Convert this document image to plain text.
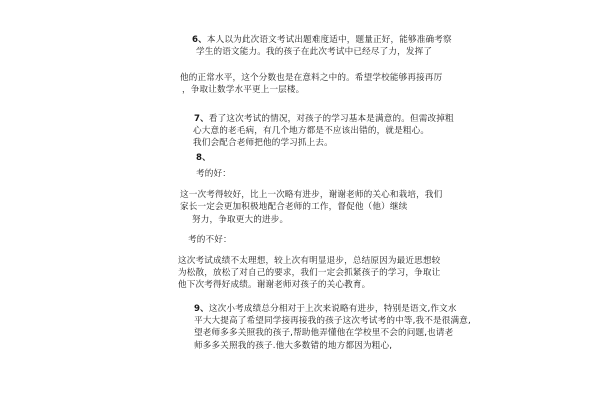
6、本人以为此次语文考试出题难度适中，题量正好，能够准确考察
学生的语文能力。我的孩子在此次考试中已经尽了力，发挥了
他的正常水平，这个分数也是在意料之中的。希望学校能够再接再厉
，争取让数学水平更上一层楼。
7、看了这次考试的情况，对孩子的学习基本是满意的。但需改掉粗
心大意的老毛病，有几个地方都是不应该出错的，就是粗心。
我们会配合老师把他的学习抓上去。
8、
考的好：
这一次考得较好，比上一次略有进步，谢谢老师的关心和栽培，我们
家长一定会更加积极地配合老师的工作，督促他（他）继续
努力，争取更大的进步。
考的不好：
这次考试成绩不太理想，较上次有明显退步，总结原因为最近思想较
为松散，放松了对自己的要求，我们一定会抓紧孩子的学习，争取让
他下次考得好成绩。谢谢老师对孩子的关心教育。
9、这次小考成绩总分相对于上次来说略有进步，特别是语文,作文水
平大大提高了希望同学接再接我的孩子这次考试考的中等,我不是很满意,
望老师多多关照我的孩子,帮助他弄懂他在学校里不会的问题,也请老
师多多关照我的孩子.他大多数错的地方都因为粗心,
